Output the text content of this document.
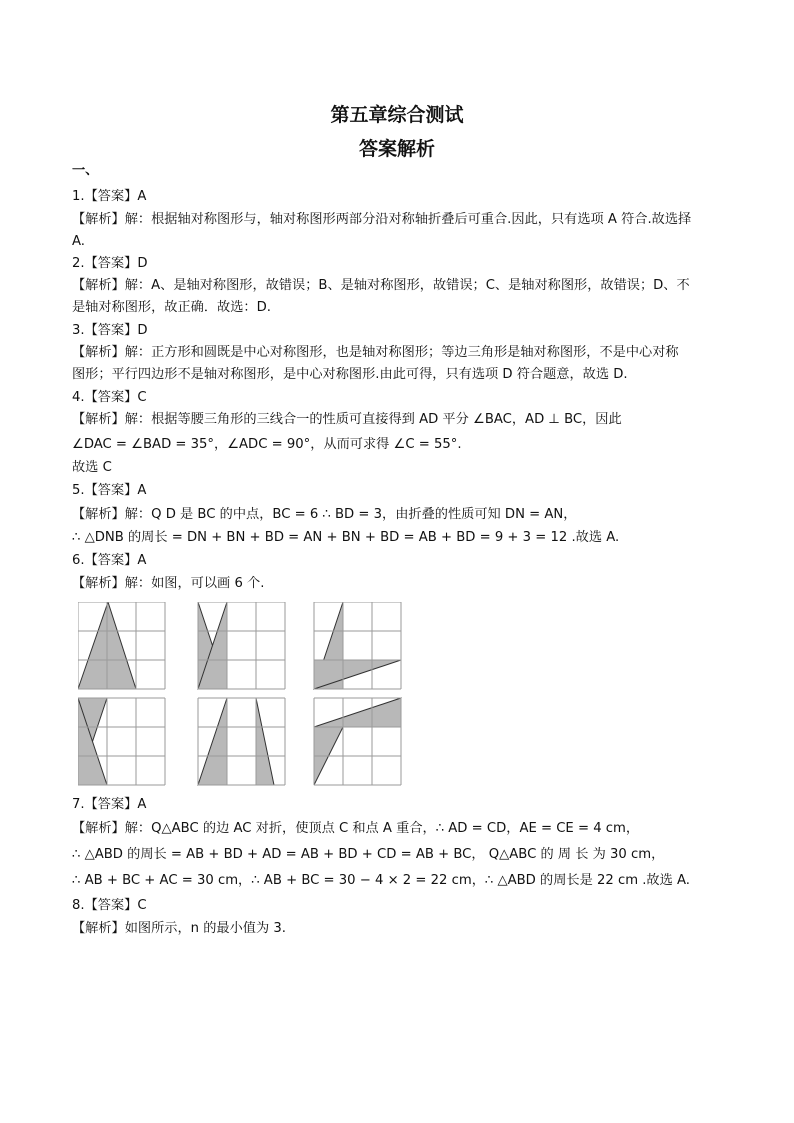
第五章综合测试
答案解析
一、
1.【答案】A
【解析】解：根据轴对称图形与，轴对称图形两部分沿对称轴折叠后可重合.因此，只有选项 A 符合.故选择
A.
2.【答案】D
【解析】解：A、是轴对称图形，故错误；B、是轴对称图形，故错误；C、是轴对称图形，故错误；D、不
是轴对称图形，故正确．故选：D.
3.【答案】D
【解析】解：正方形和圆既是中心对称图形，也是轴对称图形；等边三角形是轴对称图形，不是中心对称
图形；平行四边形不是轴对称图形，是中心对称图形.由此可得，只有选项 D 符合题意，故选 D.
4.【答案】C
【解析】解：根据等腰三角形的三线合一的性质可直接得到 AD 平分 ∠BAC，AD ⊥ BC，因此
∠DAC = ∠BAD = 35°，∠ADC = 90°，从而可求得 ∠C = 55°.
故选 C
5.【答案】A
【解析】解：Q D 是 BC 的中点，BC = 6 ∴ BD = 3，由折叠的性质可知 DN = AN，
∴ △DNB 的周长 = DN + BN + BD = AN + BN + BD = AB + BD = 9 + 3 = 12 .故选 A.
6.【答案】A
【解析】解：如图，可以画 6 个.
7.【答案】A
【解析】解：Q△ABC 的边 AC 对折，使顶点 C 和点 A 重合，∴ AD = CD，AE = CE = 4 cm，
∴ △ABD 的周长 = AB + BD + AD = AB + BD + CD = AB + BC， Q△ABC 的 周 长 为 30 cm，
∴ AB + BC + AC = 30 cm，∴ AB + BC = 30 − 4 × 2 = 22 cm，∴ △ABD 的周长是 22 cm .故选 A.
8.【答案】C
【解析】如图所示，n 的最小值为 3.
